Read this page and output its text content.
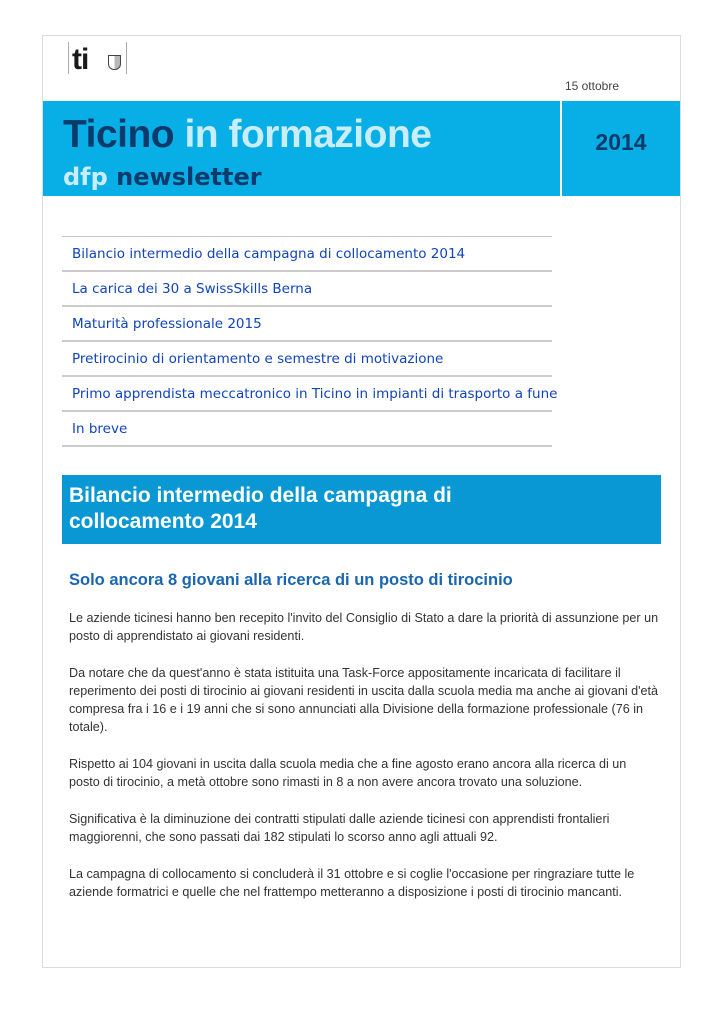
ti
15 ottobre
Ticino in formazione
dfp newsletter
2014
Bilancio intermedio della campagna di collocamento 2014
La carica dei 30 a SwissSkills Berna
Maturità professionale 2015
Pretirocinio di orientamento e semestre di motivazione
Primo apprendista meccatronico in Ticino in impianti di trasporto a fune
In breve
Bilancio intermedio della campagna di
collocamento 2014
Solo ancora 8 giovani alla ricerca di un posto di tirocinio

Le aziende ticinesi hanno ben recepito l'invito del Consiglio di Stato a dare la priorità di assunzione per un posto di apprendistato ai giovani residenti.

Da notare che da quest'anno è stata istituita una Task-Force appositamente incaricata di facilitare il reperimento dei posti di tirocinio ai giovani residenti in uscita dalla scuola media ma anche ai giovani d'età compresa fra i 16 e i 19 anni che si sono annunciati alla Divisione della formazione professionale (76 in totale).

Rispetto ai 104 giovani in uscita dalla scuola media che a fine agosto erano ancora alla ricerca di un posto di tirocinio, a metà ottobre sono rimasti in 8 a non avere ancora trovato una soluzione.

Significativa è la diminuzione dei contratti stipulati dalle aziende ticinesi con apprendisti frontalieri maggiorenni, che sono passati dai 182 stipulati lo scorso anno agli attuali 92.

La campagna di collocamento si concluderà il 31 ottobre e si coglie l'occasione per ringraziare tutte le aziende formatrici e quelle che nel frattempo metteranno a disposizione i posti di tirocinio mancanti.
